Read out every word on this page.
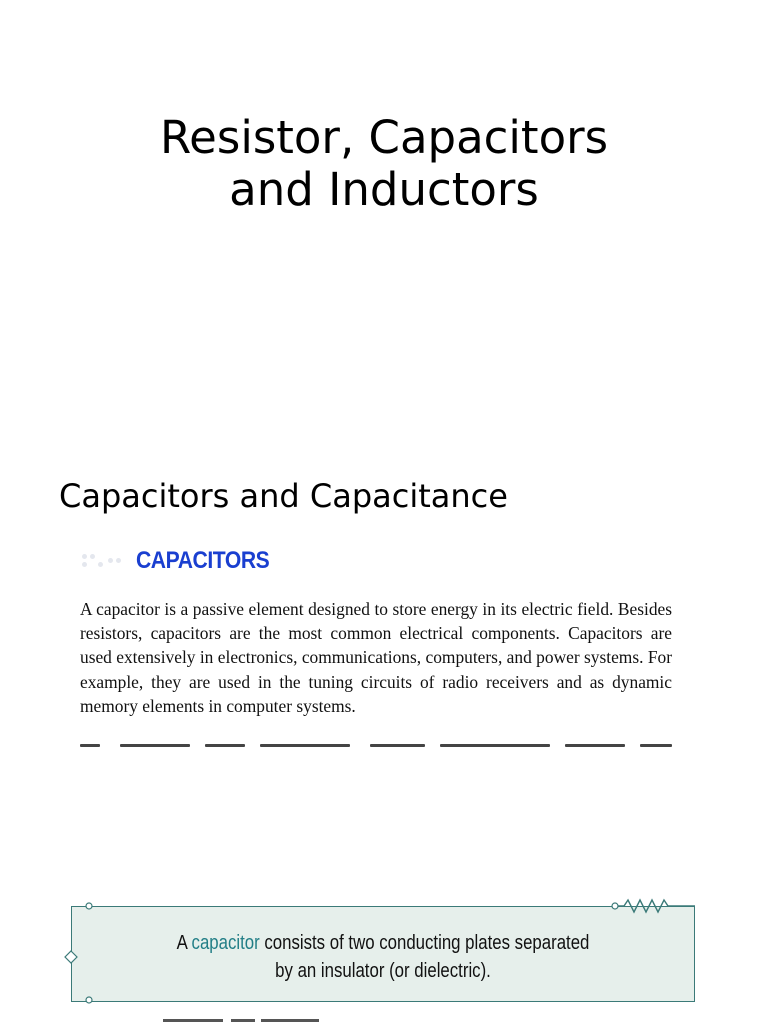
Resistor, Capacitors
and Inductors
Capacitors and Capacitance
CAPACITORS

A capacitor is a passive element designed to store energy in its electric field. Besides resistors, capacitors are the most common electrical components. Capacitors are used extensively in electronics, communications, computers, and power systems. For example, they are used in the tuning circuits of radio receivers and as dynamic memory elements in computer systems.

A capacitor consists of two conducting plates separated
by an insulator (or dielectric).
